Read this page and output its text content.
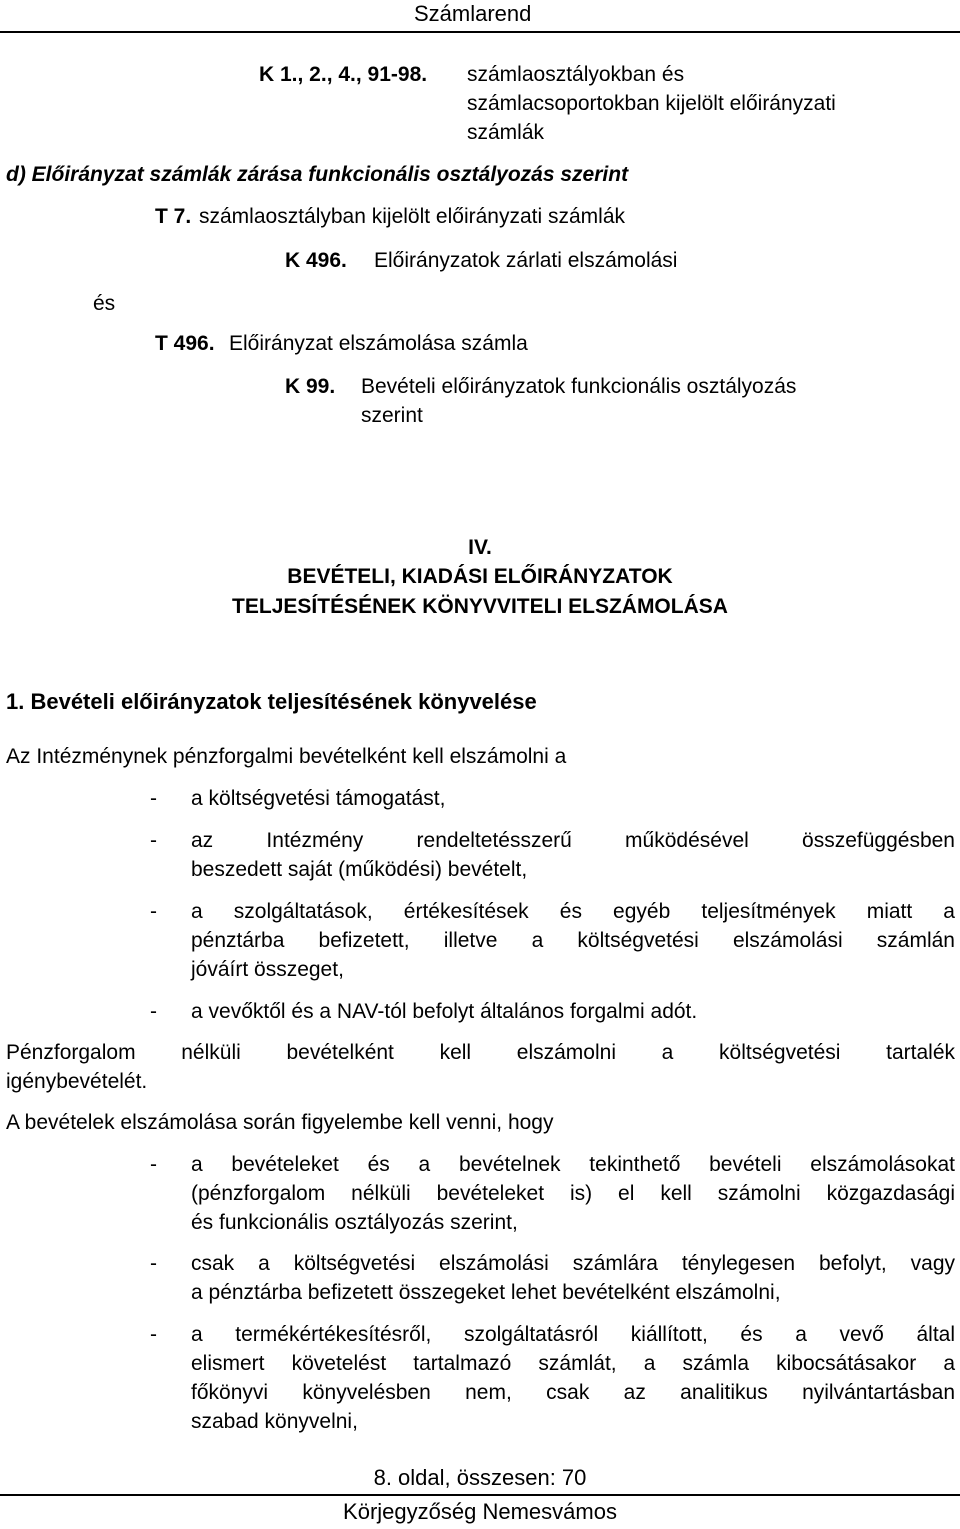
Számlarend
K 1., 2., 4., 91-98. számlaosztályokban és
számlacsoportokban kijelölt előirányzati
számlák
d) Előirányzat számlák zárása funkcionális osztályozás szerint
T 7. számlaosztályban kijelölt előirányzati számlák
K 496. Előirányzatok zárlati elszámolási
és
T 496. Előirányzat elszámolása számla
K 99. Bevételi előirányzatok funkcionális osztályozás
szerint
IV.
BEVÉTELI, KIADÁSI ELŐIRÁNYZATOK
TELJESÍTÉSÉNEK KÖNYVVITELI ELSZÁMOLÁSA
1. Bevételi előirányzatok teljesítésének könyvelése
Az Intézménynek pénzforgalmi bevételként kell elszámolni a
- a költségvetési támogatást,
- az Intézmény rendeltetésszerű működésével összefüggésben
beszedett saját (működési) bevételt,
- a szolgáltatások, értékesítések és egyéb teljesítmények miatt a
pénztárba befizetett, illetve a költségvetési elszámolási számlán
jóváírt összeget,
- a vevőktől és a NAV-tól befolyt általános forgalmi adót.
Pénzforgalom nélküli bevételként kell elszámolni a költségvetési tartalék
igénybevételét.
A bevételek elszámolása során figyelembe kell venni, hogy
- a bevételeket és a bevételnek tekinthető bevételi elszámolásokat
(pénzforgalom nélküli bevételeket is) el kell számolni közgazdasági
és funkcionális osztályozás szerint,
- csak a költségvetési elszámolási számlára ténylegesen befolyt, vagy
a pénztárba befizetett összegeket lehet bevételként elszámolni,
- a termékértékesítésről, szolgáltatásról kiállított, és a vevő által
elismert követelést tartalmazó számlát, a számla kibocsátásakor a
főkönyvi könyvelésben nem, csak az analitikus nyilvántartásban
szabad könyvelni,
8. oldal, összesen: 70
Körjegyzőség Nemesvámos
